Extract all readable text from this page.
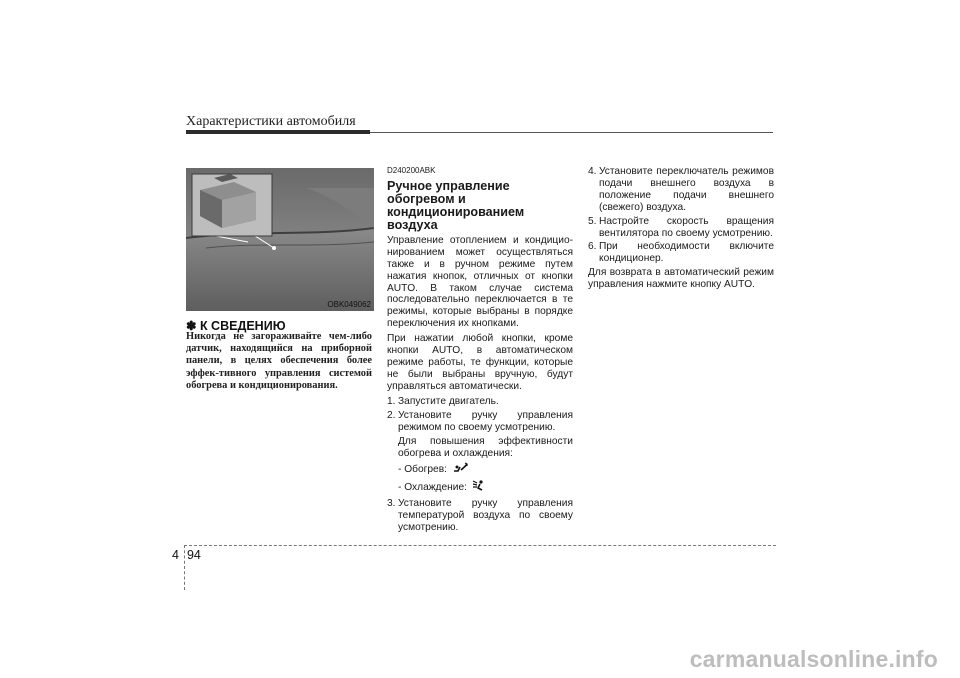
Характеристики автомобиля
OBK049062
✽ К СВЕДЕНИЮ
Никогда не загораживайте чем-либо датчик, находящийся на приборной панели, в целях обеспечения более эффек-тивного управления системой обогрева и кондиционирования.
D240200ABK
Ручное управление обогревом и кондиционированием воздуха

Управление отоплением и кондицио-нированием может осуществляться также и в ручном режиме путем нажатия кнопок, отличных от кнопки AUTO. В таком случае система последовательно переключается в те режимы, которые выбраны в порядке переключения их кнопками.

При нажатии любой кнопки, кроме кнопки AUTO, в автоматическом режиме работы, те функции, которые не были выбраны вручную, будут управляться автоматически.

1. Запустите двигатель.
2. Установите ручку управления режимом по своему усмотрению.
Для повышения эффективности обогрева и охлаждения:
- Обогрев:
- Охлаждение:
3. Установите ручку управления температурой воздуха по своему усмотрению.
4. Установите переключатель режимов подачи внешнего воздуха в положение подачи внешнего (свежего) воздуха.
5. Настройте скорость вращения вентилятора по своему усмотрению.
6. При необходимости включите кондиционер.

Для возврата в автоматический режим управления нажмите кнопку AUTO.

4 94
carmanualsonline.info
